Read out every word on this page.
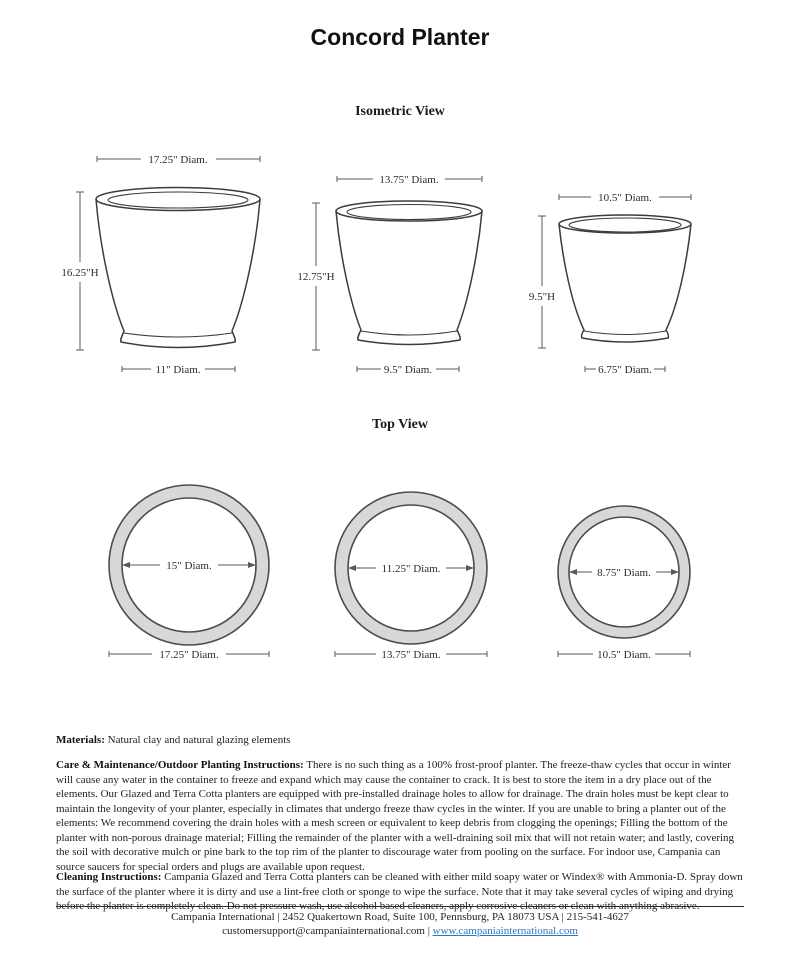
Concord Planter
Isometric View
17.25" Diam.
16.25"H
11" Diam.
13.75" Diam.
12.75"H
9.5" Diam.
10.5" Diam.
9.5"H
6.75" Diam.
Top View
15" Diam.
17.25" Diam.
11.25" Diam.
13.75" Diam.
8.75" Diam.
10.5" Diam.

Materials: Natural clay and natural glazing elements

Care & Maintenance/Outdoor Planting Instructions: There is no such thing as a 100% frost-proof planter. The freeze-thaw cycles that occur in winter will cause any water in the container to freeze and expand which may cause the container to crack. It is best to store the item in a dry place out of the elements. Our Glazed and Terra Cotta planters are equipped with pre-installed drainage holes to allow for drainage. The drain holes must be kept clear to maintain the longevity of your planter, especially in climates that undergo freeze thaw cycles in the winter. If you are unable to bring a planter out of the elements: We recommend covering the drain holes with a mesh screen or equivalent to keep debris from clogging the openings; Filling the bottom of the planter with non-porous drainage material; Filling the remainder of the planter with a well-draining soil mix that will not retain water; and lastly, covering the soil with decorative mulch or pine bark to the top rim of the planter to discourage water from pooling on the surface. For indoor use, Campania can source saucers for special orders and plugs are available upon request.

Cleaning Instructions: Campania Glazed and Terra Cotta planters can be cleaned with either mild soapy water or Windex® with Ammonia-D. Spray down the surface of the planter where it is dirty and use a lint-free cloth or sponge to wipe the surface. Note that it may take several cycles of wiping and drying before the planter is completely clean. Do not pressure wash, use alcohol based cleaners, apply corrosive cleaners or clean with anything abrasive.

Campania International | 2452 Quakertown Road, Suite 100, Pennsburg, PA 18073 USA | 215-541-4627
customersupport@campaniainternational.com | www.campaniainternational.com
